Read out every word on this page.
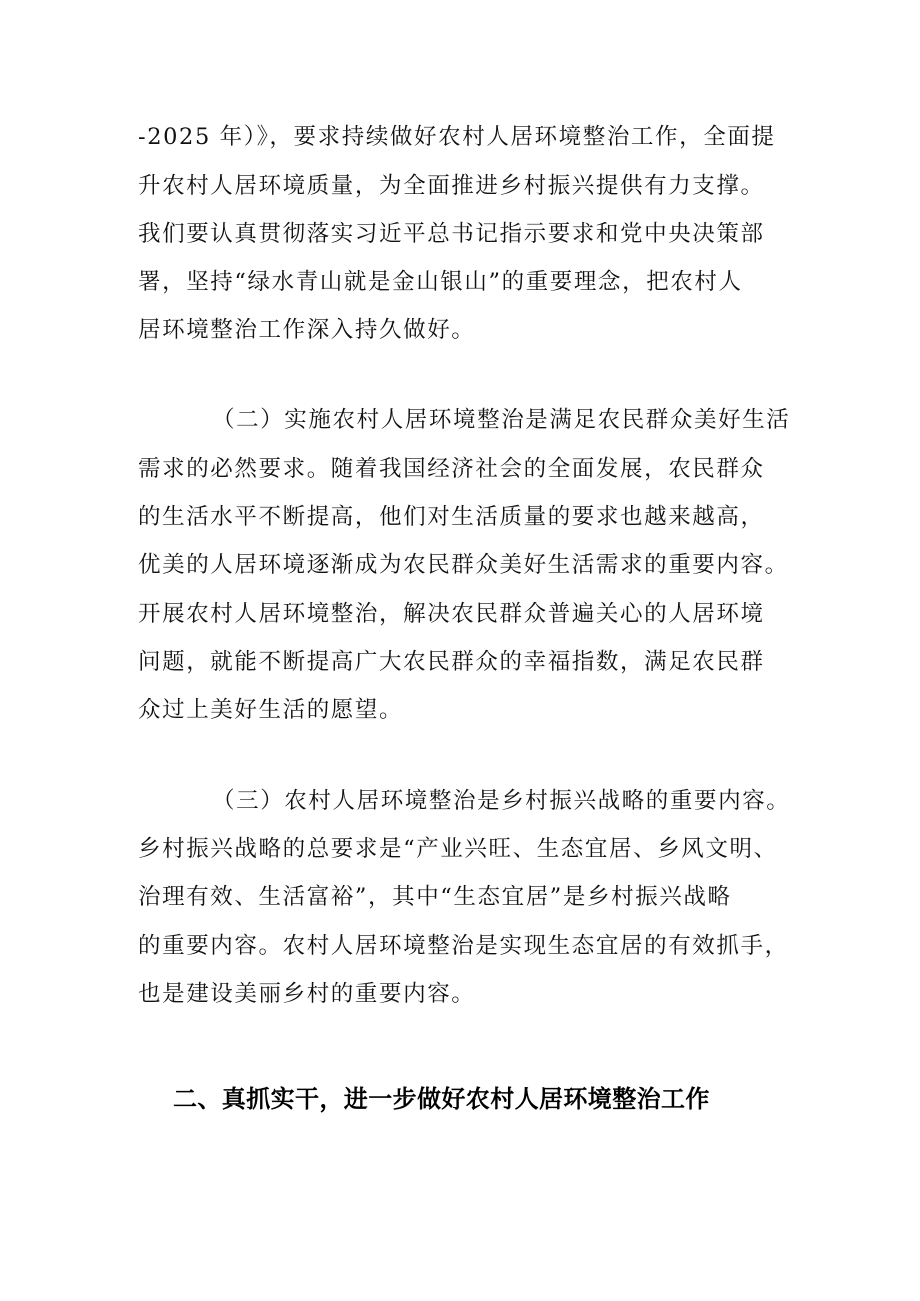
-2025 年）》，要求持续做好农村人居环境整治工作，全面提
升农村人居环境质量，为全面推进乡村振兴提供有力支撑。
我们要认真贯彻落实习近平总书记指示要求和党中央决策部
署，坚持“绿水青山就是金山银山”的重要理念，把农村人
居环境整治工作深入持久做好。
（二）实施农村人居环境整治是满足农民群众美好生活
需求的必然要求。随着我国经济社会的全面发展，农民群众
的生活水平不断提高，他们对生活质量的要求也越来越高，
优美的人居环境逐渐成为农民群众美好生活需求的重要内容。
开展农村人居环境整治，解决农民群众普遍关心的人居环境
问题，就能不断提高广大农民群众的幸福指数，满足农民群
众过上美好生活的愿望。
（三）农村人居环境整治是乡村振兴战略的重要内容。
乡村振兴战略的总要求是“产业兴旺、生态宜居、乡风文明、
治理有效、生活富裕”，其中“生态宜居”是乡村振兴战略
的重要内容。农村人居环境整治是实现生态宜居的有效抓手，
也是建设美丽乡村的重要内容。
二、真抓实干，进一步做好农村人居环境整治工作
